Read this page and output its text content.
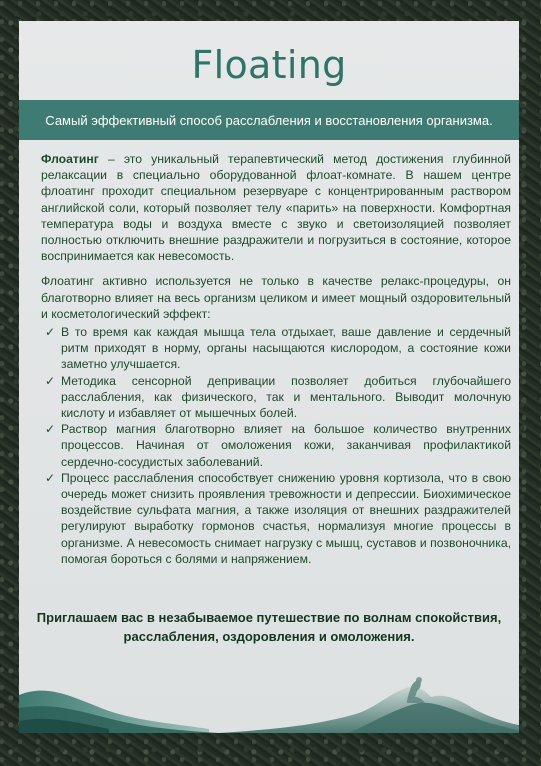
Floating
Самый эффективный способ расслабления и восстановления организма.

Флоатинг – это уникальный терапевтический метод достижения глубинной релаксации в специально оборудованной флоат-комнате. В нашем центре флоатинг проходит специальном резервуаре с концентрированным раствором английской соли, который позволяет телу «парить» на поверхности. Комфортная температура воды и воздуха вместе с звуко и светоизоляцией позволяет полностью отключить внешние раздражители и погрузиться в состояние, которое воспринимается как невесомость.

Флоатинг активно используется не только в качестве релакс-процедуры, он благотворно влияет на весь организм целиком и имеет мощный оздоровительный и косметологический эффект:

✓ В то время как каждая мышца тела отдыхает, ваше давление и сердечный ритм приходят в норму, органы насыщаются кислородом, а состояние кожи заметно улучшается.
✓ Методика сенсорной депривации позволяет добиться глубочайшего расслабления, как физического, так и ментального. Выводит молочную кислоту и избавляет от мышечных болей.
✓ Раствор магния благотворно влияет на большое количество внутренних процессов. Начиная от омоложения кожи, заканчивая профилактикой сердечно-сосудистых заболеваний.
✓ Процесс расслабления способствует снижению уровня кортизола, что в свою очередь может снизить проявления тревожности и депрессии. Биохимическое воздействие сульфата магния, а также изоляция от внешних раздражителей регулируют выработку гормонов счастья, нормализуя многие процессы в организме. А невесомость снимает нагрузку с мышц, суставов и позвоночника, помогая бороться с болями и напряжением.
Приглашаем вас в незабываемое путешествие по волнам спокойствия,
расслабления, оздоровления и омоложения.
